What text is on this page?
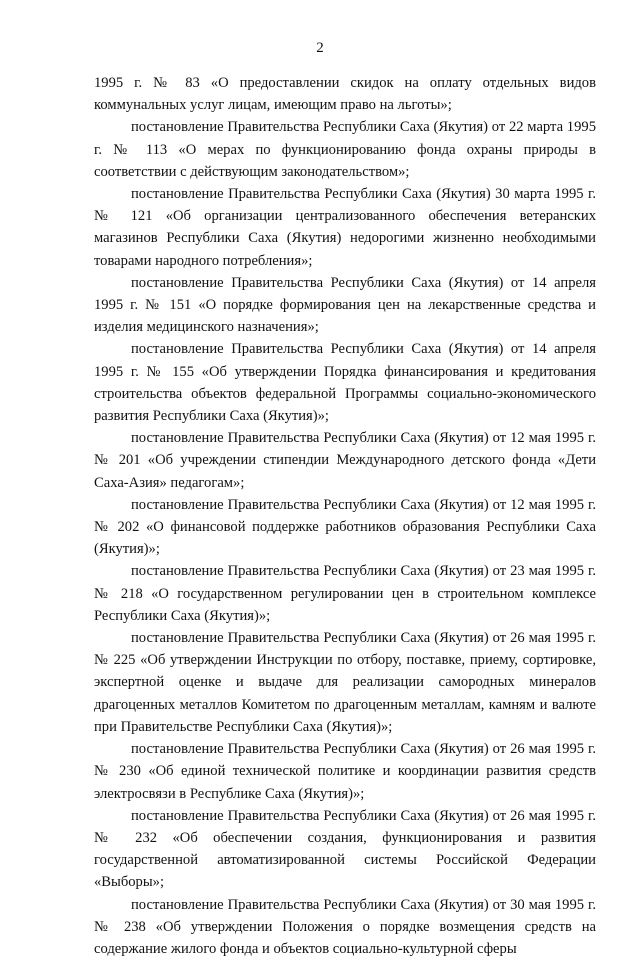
2

1995 г. № 83 «О предоставлении скидок на оплату отдельных видов коммунальных услуг лицам, имеющим право на льготы»;

постановление Правительства Республики Саха (Якутия) от 22 марта 1995 г. № 113 «О мерах по функционированию фонда охраны природы в соответствии с действующим законодательством»;

постановление Правительства Республики Саха (Якутия) 30 марта 1995 г. № 121 «Об организации централизованного обеспечения ветеранских магазинов Республики Саха (Якутия) недорогими жизненно необходимыми товарами народного потребления»;

постановление Правительства Республики Саха (Якутия) от 14 апреля 1995 г. № 151 «О порядке формирования цен на лекарственные средства и изделия медицинского назначения»;

постановление Правительства Республики Саха (Якутия) от 14 апреля 1995 г. № 155 «Об утверждении Порядка финансирования и кредитования строительства объектов федеральной Программы социально-экономического развития Республики Саха (Якутия)»;

постановление Правительства Республики Саха (Якутия) от 12 мая 1995 г. № 201 «Об учреждении стипендии Международного детского фонда «Дети Саха-Азия» педагогам»;

постановление Правительства Республики Саха (Якутия) от 12 мая 1995 г. № 202 «О финансовой поддержке работников образования Республики Саха (Якутия)»;

постановление Правительства Республики Саха (Якутия) от 23 мая 1995 г. № 218 «О государственном регулировании цен в строительном комплексе Республики Саха (Якутия)»;

постановление Правительства Республики Саха (Якутия) от 26 мая 1995 г. № 225 «Об утверждении Инструкции по отбору, поставке, приему, сортировке, экспертной оценке и выдаче для реализации самородных минералов драгоценных металлов Комитетом по драгоценным металлам, камням и валюте при Правительстве Республики Саха (Якутия)»;

постановление Правительства Республики Саха (Якутия) от 26 мая 1995 г. № 230 «Об единой технической политике и координации развития средств электросвязи в Республике Саха (Якутия)»;

постановление Правительства Республики Саха (Якутия) от 26 мая 1995 г. № 232 «Об обеспечении создания, функционирования и развития государственной автоматизированной системы Российской Федерации «Выборы»;

постановление Правительства Республики Саха (Якутия) от 30 мая 1995 г. № 238 «Об утверждении Положения о порядке возмещения средств на содержание жилого фонда и объектов социально-культурной сферы
